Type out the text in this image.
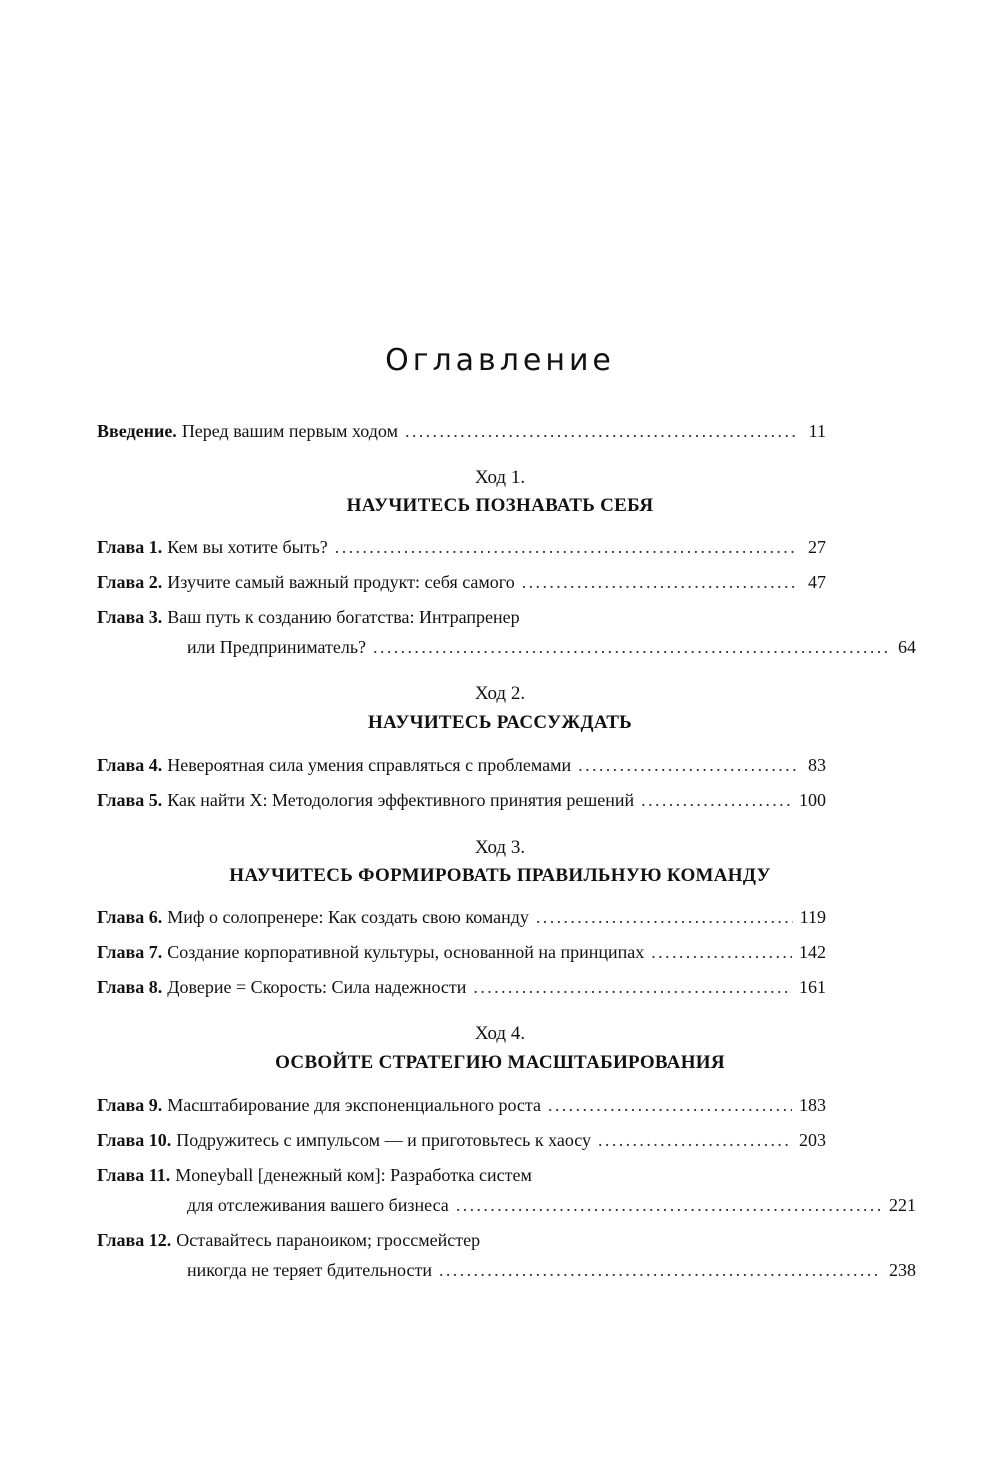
Оглавление
Введение. Перед вашим первым ходом .....	11
Ход 1.
НАУЧИТЕСЬ ПОЗНАВАТЬ СЕБЯ
Глава 1. Кем вы хотите быть? .....	27
Глава 2. Изучите самый важный продукт: себя самого .....	47
Глава 3. Ваш путь к созданию богатства: Интрапренер
или Предприниматель? .....	64
Ход 2.
НАУЧИТЕСЬ РАССУЖДАТЬ
Глава 4. Невероятная сила умения справляться с проблемами .....	83
Глава 5. Как найти X: Методология эффективного принятия решений .....	100
Ход 3.
НАУЧИТЕСЬ ФОРМИРОВАТЬ ПРАВИЛЬНУЮ КОМАНДУ
Глава 6. Миф о солопренере: Как создать свою команду .....	119
Глава 7. Создание корпоративной культуры, основанной на принципах .....	142
Глава 8. Доверие = Скорость: Сила надежности .....	161
Ход 4.
ОСВОЙТЕ СТРАТЕГИЮ МАСШТАБИРОВАНИЯ
Глава 9. Масштабирование для экспоненциального роста .....	183
Глава 10. Подружитесь с импульсом — и приготовьтесь к хаосу .....	203
Глава 11. Moneyball [денежный ком]: Разработка систем
для отслеживания вашего бизнеса .....	221
Глава 12. Оставайтесь параноиком; гроссмейстер
никогда не теряет бдительности .....	238
